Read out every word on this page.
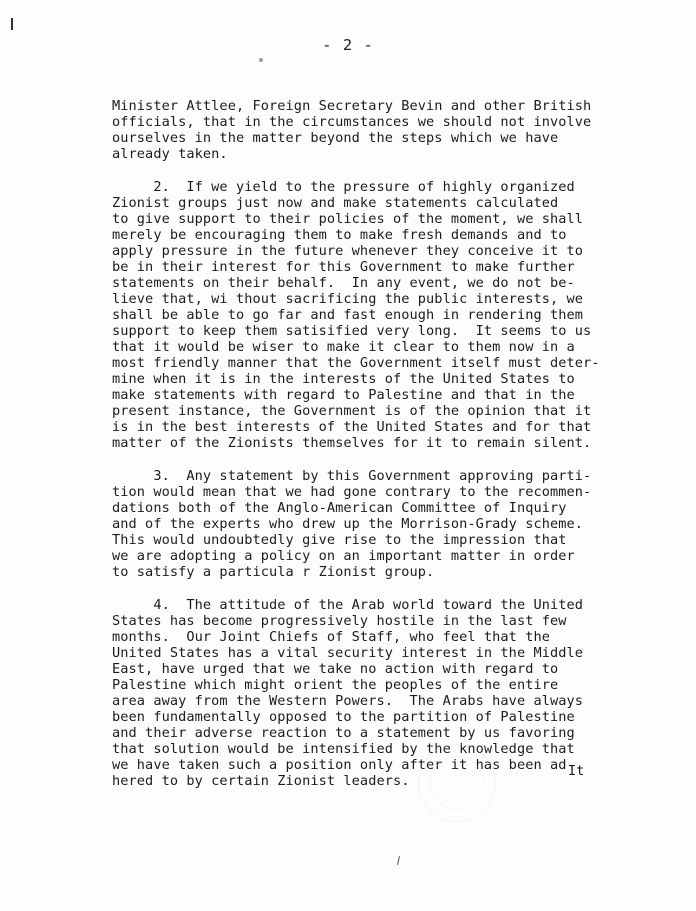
- 2 -
Minister Attlee, Foreign Secretary Bevin and other British
officials, that in the circumstances we should not involve
ourselves in the matter beyond the steps which we have
already taken.
2.  If we yield to the pressure of highly organized
Zionist groups just now and make statements calculated
to give support to their policies of the moment, we shall
merely be encouraging them to make fresh demands and to
apply pressure in the future whenever they conceive it to
be in their interest for this Government to make further
statements on their behalf.  In any event, we do not be-
lieve that, wi thout sacrificing the public interests, we
shall be able to go far and fast enough in rendering them
support to keep them satisified very long.  It seems to us
that it would be wiser to make it clear to them now in a
most friendly manner that the Government itself must deter-
mine when it is in the interests of the United States to
make statements with regard to Palestine and that in the
present instance, the Government is of the opinion that it
is in the best interests of the United States and for that
matter of the Zionists themselves for it to remain silent.
3.  Any statement by this Government approving parti-
tion would mean that we had gone contrary to the recommen-
dations both of the Anglo-American Committee of Inquiry
and of the experts who drew up the Morrison-Grady scheme.
This would undoubtedly give rise to the impression that
we are adopting a policy on an important matter in order
to satisfy a particula r Zionist group.
4.  The attitude of the Arab world toward the United
States has become progressively hostile in the last few
months.  Our Joint Chiefs of Staff, who feel that the
United States has a vital security interest in the Middle
East, have urged that we take no action with regard to
Palestine which might orient the peoples of the entire
area away from the Western Powers.  The Arabs have always
been fundamentally opposed to the partition of Palestine
and their adverse reaction to a statement by us favoring
that solution would be intensified by the knowledge that
we have taken such a position only after it has been ad-
hered to by certain Zionist leaders.
It
